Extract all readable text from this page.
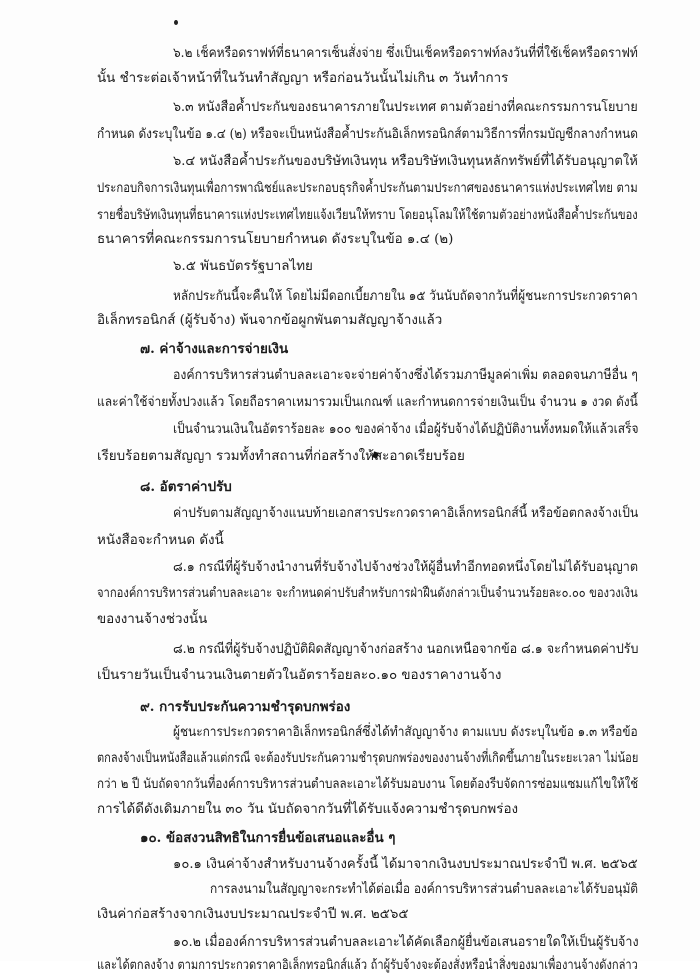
๖.๒ เช็คหรือดราฟท์ที่ธนาคารเซ็นสั่งจ่าย ซึ่งเป็นเช็คหรือดราฟท์ลงวันที่ที่ใช้เช็คหรือดราฟท์
นั้น ชำระต่อเจ้าหน้าที่ในวันทำสัญญา หรือก่อนวันนั้นไม่เกิน ๓ วันทำการ
๖.๓ หนังสือค้ำประกันของธนาคารภายในประเทศ ตามตัวอย่างที่คณะกรรมการนโยบาย
กำหนด ดังระบุในข้อ ๑.๔ (๒) หรือจะเป็นหนังสือค้ำประกันอิเล็กทรอนิกส์ตามวิธีการที่กรมบัญชีกลางกำหนด
๖.๔ หนังสือค้ำประกันของบริษัทเงินทุน หรือบริษัทเงินทุนหลักทรัพย์ที่ได้รับอนุญาตให้
ประกอบกิจการเงินทุนเพื่อการพาณิชย์และประกอบธุรกิจค้ำประกันตามประกาศของธนาคารแห่งประเทศไทย ตาม
รายชื่อบริษัทเงินทุนที่ธนาคารแห่งประเทศไทยแจ้งเวียนให้ทราบ โดยอนุโลมให้ใช้ตามตัวอย่างหนังสือค้ำประกันของ
ธนาคารที่คณะกรรมการนโยบายกำหนด ดังระบุในข้อ ๑.๔ (๒)
๖.๕ พันธบัตรรัฐบาลไทย
หลักประกันนี้จะคืนให้ โดยไม่มีดอกเบี้ยภายใน ๑๕ วันนับถัดจากวันที่ผู้ชนะการประกวดราคา
อิเล็กทรอนิกส์ (ผู้รับจ้าง) พ้นจากข้อผูกพันตามสัญญาจ้างแล้ว
๗. ค่าจ้างและการจ่ายเงิน
องค์การบริหารส่วนตำบลละเอาะจะจ่ายค่าจ้างซึ่งได้รวมภาษีมูลค่าเพิ่ม ตลอดจนภาษีอื่น ๆ
และค่าใช้จ่ายทั้งปวงแล้ว โดยถือราคาเหมารวมเป็นเกณฑ์ และกำหนดการจ่ายเงินเป็น จำนวน ๑ งวด ดังนี้
เป็นจำนวนเงินในอัตราร้อยละ ๑๐๐ ของค่าจ้าง เมื่อผู้รับจ้างได้ปฏิบัติงานทั้งหมดให้แล้วเสร็จ
เรียบร้อยตามสัญญา รวมทั้งทำสถานที่ก่อสร้างให้สะอาดเรียบร้อย
๘. อัตราค่าปรับ
ค่าปรับตามสัญญาจ้างแนบท้ายเอกสารประกวดราคาอิเล็กทรอนิกส์นี้ หรือข้อตกลงจ้างเป็น
หนังสือจะกำหนด ดังนี้
๘.๑ กรณีที่ผู้รับจ้างนำงานที่รับจ้างไปจ้างช่วงให้ผู้อื่นทำอีกทอดหนึ่งโดยไม่ได้รับอนุญาต
จากองค์การบริหารส่วนตำบลละเอาะ จะกำหนดค่าปรับสำหรับการฝ่าฝืนดังกล่าวเป็นจำนวนร้อยละ๐.๐๐ ของวงเงิน
ของงานจ้างช่วงนั้น
๘.๒ กรณีที่ผู้รับจ้างปฏิบัติผิดสัญญาจ้างก่อสร้าง นอกเหนือจากข้อ ๘.๑ จะกำหนดค่าปรับ
เป็นรายวันเป็นจำนวนเงินตายตัวในอัตราร้อยละ๐.๑๐ ของราคางานจ้าง
๙. การรับประกันความชำรุดบกพร่อง
ผู้ชนะการประกวดราคาอิเล็กทรอนิกส์ซึ่งได้ทำสัญญาจ้าง ตามแบบ ดังระบุในข้อ ๑.๓ หรือข้อ
ตกลงจ้างเป็นหนังสือแล้วแต่กรณี จะต้องรับประกันความชำรุดบกพร่องของงานจ้างที่เกิดขึ้นภายในระยะเวลา ไม่น้อย
กว่า ๒ ปี นับถัดจากวันที่องค์การบริหารส่วนตำบลละเอาะได้รับมอบงาน โดยต้องรีบจัดการซ่อมแซมแก้ไขให้ใช้
การได้ดีดังเดิมภายใน ๓๐ วัน นับถัดจากวันที่ได้รับแจ้งความชำรุดบกพร่อง
๑๐. ข้อสงวนสิทธิในการยื่นข้อเสนอและอื่น ๆ
๑๐.๑ เงินค่าจ้างสำหรับงานจ้างครั้งนี้ ได้มาจากเงินงบประมาณประจำปี พ.ศ. ๒๕๖๕
การลงนามในสัญญาจะกระทำได้ต่อเมื่อ องค์การบริหารส่วนตำบลละเอาะได้รับอนุมัติ
เงินค่าก่อสร้างจากเงินงบประมาณประจำปี พ.ศ. ๒๕๖๕
๑๐.๒ เมื่อองค์การบริหารส่วนตำบลละเอาะได้คัดเลือกผู้ยื่นข้อเสนอรายใดให้เป็นผู้รับจ้าง
และได้ตกลงจ้าง ตามการประกวดราคาอิเล็กทรอนิกส์แล้ว ถ้าผู้รับจ้างจะต้องสั่งหรือนำสิ่งของมาเพื่องานจ้างดังกล่าว
